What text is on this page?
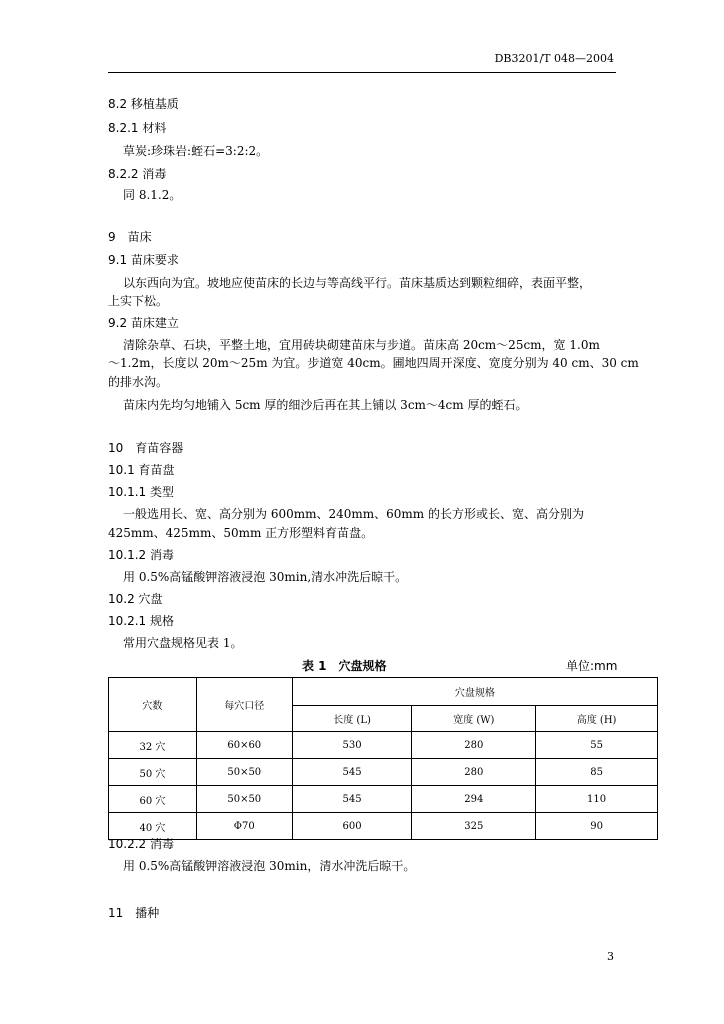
DB3201/T 048—2004
8.2 移植基质
8.2.1 材料
草炭:珍珠岩:蛭石=3:2:2。
8.2.2 消毒
同 8.1.2。
9　苗床
9.1 苗床要求
以东西向为宜。坡地应使苗床的长边与等高线平行。苗床基质达到颗粒细碎，表面平整，
上实下松。
9.2 苗床建立
清除杂草、石块，平整土地，宜用砖块砌建苗床与步道。苗床高 20cm～25cm，宽 1.0m
～1.2m，长度以 20m～25m 为宜。步道宽 40cm。圃地四周开深度、宽度分别为 40 cm、30 cm
的排水沟。
苗床内先均匀地铺入 5cm 厚的细沙后再在其上铺以 3cm～4cm 厚的蛭石。
10　育苗容器
10.1 育苗盘
10.1.1 类型
一般选用长、宽、高分别为 600mm、240mm、60mm 的长方形或长、宽、高分别为
425mm、425mm、50mm 正方形塑料育苗盘。
10.1.2 消毒
用 0.5%高锰酸钾溶液浸泡 30min,清水冲洗后晾干。
10.2 穴盘
10.2.1 规格
常用穴盘规格见表 1。
表 1　穴盘规格	单位:mm
穴数	每穴口径	穴盘规格		
		长度 (L)	宽度 (W)	高度 (H)
32 穴	60×60	530	280	55
50 穴	50×50	545	280	85
60 穴	50×50	545	294	110
40 穴	Φ70	600	325	90
10.2.2 消毒
用 0.5%高锰酸钾溶液浸泡 30min，清水冲洗后晾干。
11　播种
3
